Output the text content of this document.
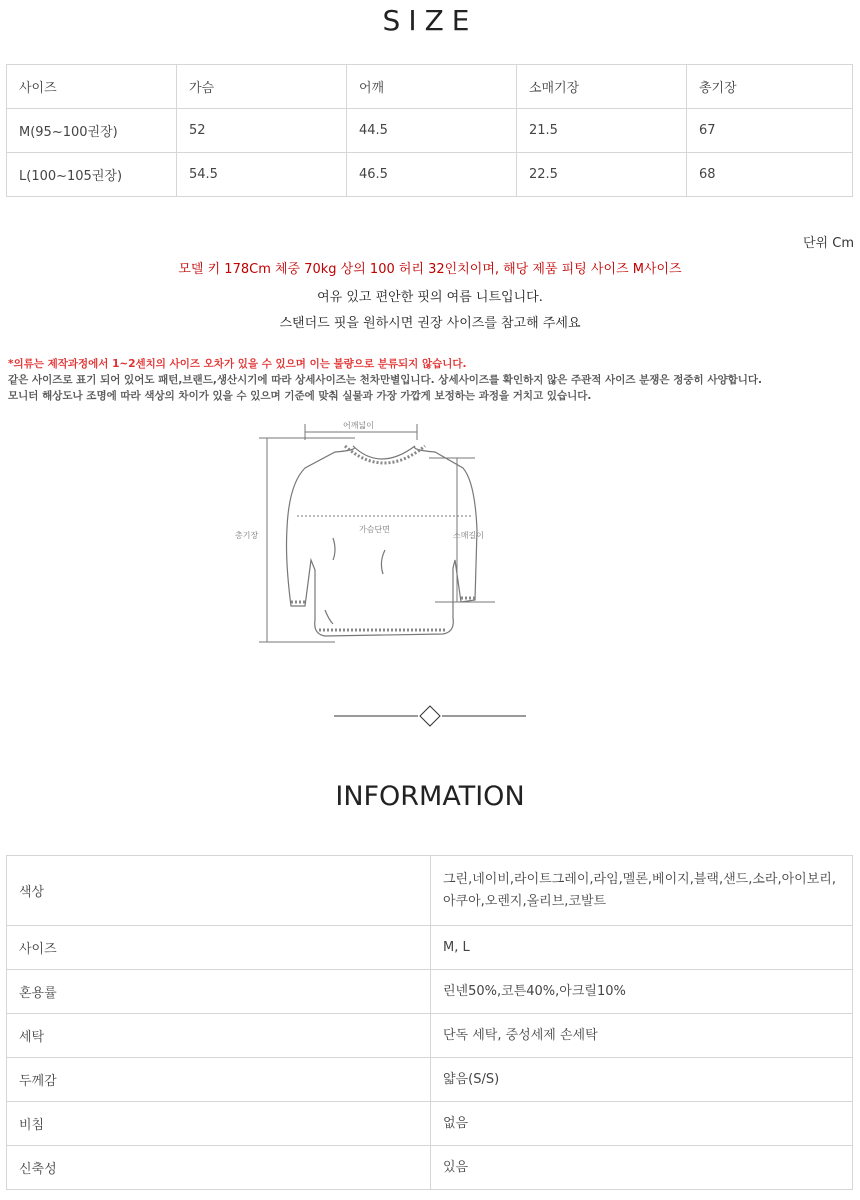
SIZE
사이즈	가슴	어깨	소매기장	총기장
M(95~100권장)	52	44.5	21.5	67
L(100~105권장)	54.5	46.5	22.5	68
단위 Cm
모델 키 178Cm 체중 70kg 상의 100 허리 32인치이며, 해당 제품 피팅 사이즈 M사이즈
여유 있고 편안한 핏의 여름 니트입니다.
스탠더드 핏을 원하시면 권장 사이즈를 참고해 주세요
*의류는 제작과정에서 1~2센치의 사이즈 오차가 있을 수 있으며 이는 불량으로 분류되지 않습니다.
같은 사이즈로 표기 되어 있어도 패턴,브랜드,생산시기에 따라 상세사이즈는 천차만별입니다. 상세사이즈를 확인하지 않은 주관적 사이즈 분쟁은 정중히 사양합니다.
모니터 해상도나 조명에 따라 색상의 차이가 있을 수 있으며 기준에 맞춰 실물과 가장 가깝게 보정하는 과정을 거치고 있습니다.
어깨넓이
가슴단면
총기장	소매길이
INFORMATION
색상	그린,네이비,라이트그레이,라임,멜론,베이지,블랙,샌드,소라,아이보리,아쿠아,오렌지,올리브,코발트
사이즈	M, L
혼용률	린넨50%,코튼40%,아크릴10%
세탁	단독 세탁, 중성세제 손세탁
두께감	얇음(S/S)
비침	없음
신축성	있음
